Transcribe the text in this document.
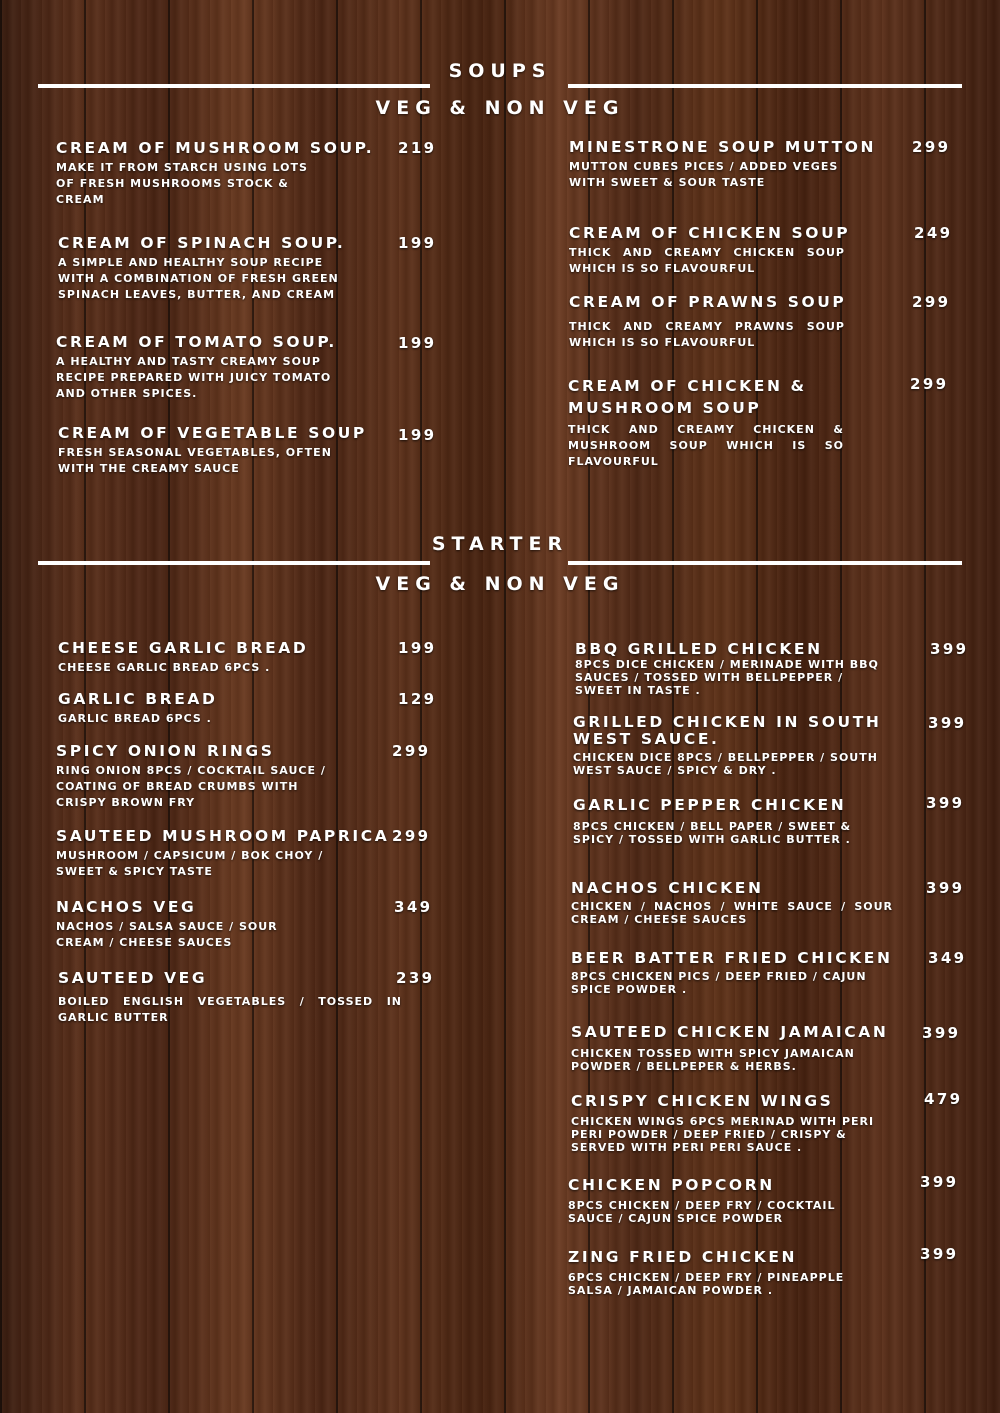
SOUPS
VEG & NON VEG
CREAM OF MUSHROOM SOUP.
MAKE IT FROM STARCH USING LOTS OF FRESH MUSHROOMS STOCK & CREAM
219
CREAM OF SPINACH SOUP.
A SIMPLE AND HEALTHY SOUP RECIPE WITH A COMBINATION OF FRESH GREEN SPINACH LEAVES, BUTTER, AND CREAM
199
CREAM OF TOMATO SOUP.
A HEALTHY AND TASTY CREAMY SOUP RECIPE PREPARED WITH JUICY TOMATO AND OTHER SPICES.
199
CREAM OF VEGETABLE SOUP
FRESH SEASONAL VEGETABLES, OFTEN WITH THE CREAMY SAUCE
199
MINESTRONE SOUP MUTTON
MUTTON CUBES PICES / ADDED VEGES WITH SWEET & SOUR TASTE
299
CREAM OF CHICKEN SOUP
THICK AND CREAMY CHICKEN SOUP WHICH IS SO FLAVOURFUL
249
CREAM OF PRAWNS SOUP
THICK AND CREAMY PRAWNS SOUP WHICH IS SO FLAVOURFUL
299
CREAM OF CHICKEN & MUSHROOM SOUP
THICK AND CREAMY CHICKEN & MUSHROOM SOUP WHICH IS SO FLAVOURFUL
299
STARTER
VEG & NON VEG
CHEESE GARLIC BREAD
CHEESE GARLIC BREAD 6PCS .
199
GARLIC BREAD
GARLIC BREAD 6PCS .
129
SPICY ONION RINGS
RING ONION 8PCS / COCKTAIL SAUCE / COATING OF BREAD CRUMBS WITH CRISPY BROWN FRY
299
SAUTEED MUSHROOM PAPRICA
MUSHROOM / CAPSICUM / BOK CHOY / SWEET & SPICY TASTE
299
NACHOS VEG
NACHOS / SALSA SAUCE / SOUR CREAM / CHEESE SAUCES
349
SAUTEED VEG
BOILED ENGLISH VEGETABLES / TOSSED IN GARLIC BUTTER
239
BBQ GRILLED CHICKEN
8PCS DICE CHICKEN / MERINADE WITH BBQ SAUCES / TOSSED WITH BELLPEPPER / SWEET IN TASTE .
399
GRILLED CHICKEN IN SOUTH WEST SAUCE.
CHICKEN DICE 8PCS / BELLPEPPER / SOUTH WEST SAUCE / SPICY & DRY .
399
GARLIC PEPPER CHICKEN
8PCS CHICKEN / BELL PAPER / SWEET & SPICY / TOSSED WITH GARLIC BUTTER .
399
NACHOS CHICKEN
CHICKEN / NACHOS / WHITE SAUCE / SOUR CREAM / CHEESE SAUCES
399
BEER BATTER FRIED CHICKEN
8PCS CHICKEN PICS / DEEP FRIED / CAJUN SPICE POWDER .
349
SAUTEED CHICKEN JAMAICAN
CHICKEN TOSSED WITH SPICY JAMAICAN POWDER / BELLPEPER & HERBS.
399
CRISPY CHICKEN WINGS
CHICKEN WINGS 6PCS MERINAD WITH PERI PERI POWDER / DEEP FRIED / CRISPY & SERVED WITH PERI PERI SAUCE .
479
CHICKEN POPCORN
8PCS CHICKEN / DEEP FRY / COCKTAIL SAUCE / CAJUN SPICE POWDER
399
ZING FRIED CHICKEN
6PCS CHICKEN / DEEP FRY / PINEAPPLE SALSA / JAMAICAN POWDER .
399
